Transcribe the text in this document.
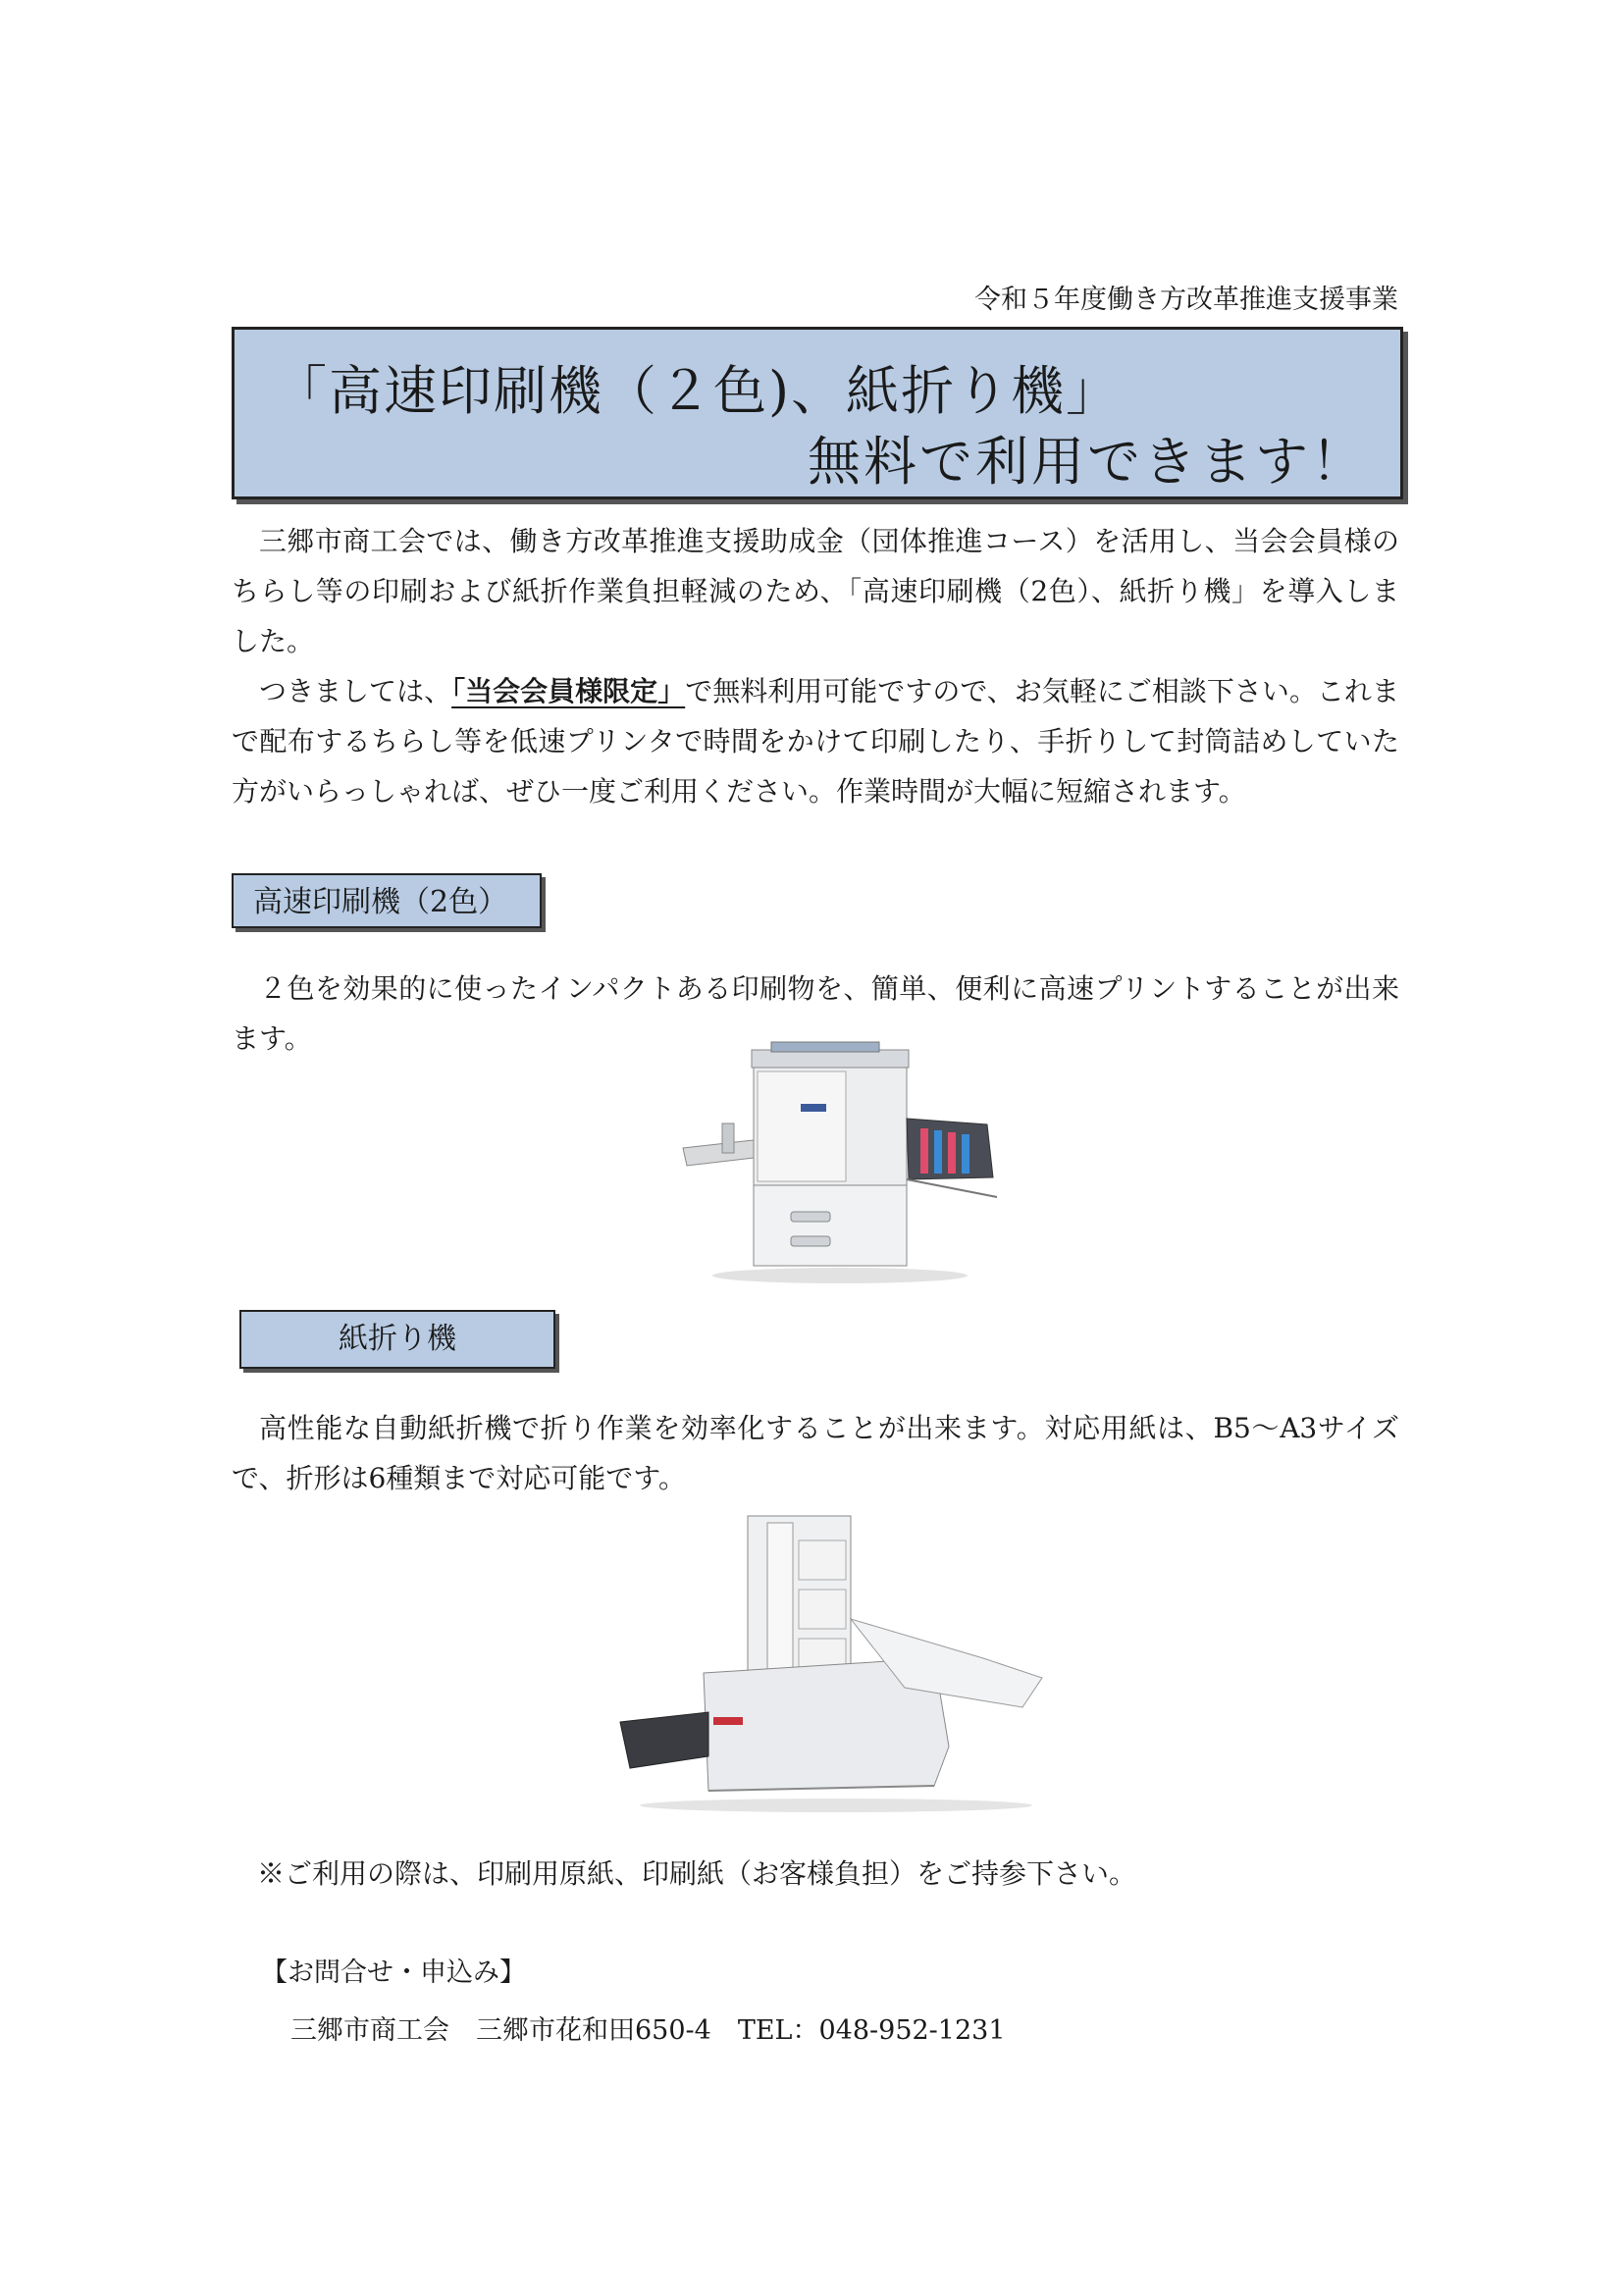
令和５年度働き方改革推進支援事業
「高速印刷機（２色)、紙折り機」
無料で利用できます！

三郷市商工会では、働き方改革推進支援助成金（団体推進コース）を活用し、当会会員様のちらし等の印刷および紙折作業負担軽減のため、「高速印刷機（2色）、紙折り機」を導入しました。

つきましては、「当会会員様限定」で無料利用可能ですので、お気軽にご相談下さい。これまで配布するちらし等を低速プリンタで時間をかけて印刷したり、手折りして封筒詰めしていた方がいらっしゃれば、ぜひ一度ご利用ください。作業時間が大幅に短縮されます。

高速印刷機（2色）

２色を効果的に使ったインパクトある印刷物を、簡単、便利に高速プリントすることが出来ます。

紙折り機

高性能な自動紙折機で折り作業を効率化することが出来ます。対応用紙は、B5～A3サイズで、折形は6種類まで対応可能です。

※ご利用の際は、印刷用原紙、印刷紙（お客様負担）をご持参下さい。
【お問合せ・申込み】
三郷市商工会　三郷市花和田650-4　TEL：048-952-1231
